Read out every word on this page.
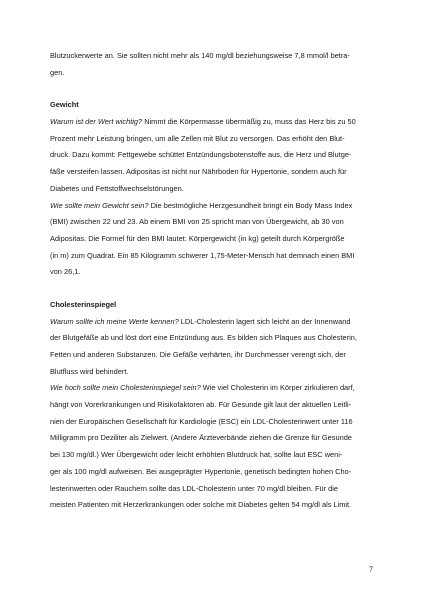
Blutzuckerwerte an. Sie sollten nicht mehr als 140 mg/dl beziehungsweise 7,8 mmol/l betra-
gen.
Gewicht
Warum ist der Wert wichtig? Nimmt die Körpermasse übermäßig zu, muss das Herz bis zu 50
Prozent mehr Leistung bringen, um alle Zellen mit Blut zu versorgen. Das erhöht den Blut-
druck. Dazu kommt: Fettgewebe schüttet Entzündungsbotenstoffe aus, die Herz und Blutge-
fäße versteifen lassen. Adipositas ist nicht nur Nährboden für Hypertonie, sondern auch für
Diabetes und Fettstoffwechselstörungen.
Wie sollte mein Gewicht sein? Die bestmögliche Herzgesundheit bringt ein Body Mass Index
(BMI) zwischen 22 und 23. Ab einem BMI von 25 spricht man von Übergewicht, ab 30 von
Adipositas. Die Formel für den BMI lautet: Körpergewicht (in kg) geteilt durch Körpergröße
(in m) zum Quadrat. Ein 85 Kilogramm schwerer 1,75-Meter-Mensch hat demnach einen BMI
von 26,1.
Cholesterinspiegel
Warum sollte ich meine Werte kennen? LDL-Cholesterin lagert sich leicht an der Innenwand
der Blutgefäße ab und löst dort eine Entzündung aus. Es bilden sich Plaques aus Cholesterin,
Fetten und anderen Substanzen. Die Gefäße verhärten, ihr Durchmesser verengt sich, der
Blutfluss wird behindert.
Wie hoch sollte mein Cholesterinspiegel sein? Wie viel Cholesterin im Körper zirkulieren darf,
hängt von Vorerkrankungen und Risikofaktoren ab. Für Gesunde gilt laut der aktuellen Leitli-
nien der Europäischen Gesellschaft für Kardiologie (ESC) ein LDL-Cholesterinwert unter 116
Milligramm pro Deziliter als Zielwert. (Andere Ärzteverbände ziehen die Grenze für Gesunde
bei 130 mg/dl.) Wer Übergewicht oder leicht erhöhten Blutdruck hat, sollte laut ESC weni-
ger als 100 mg/dl aufweisen. Bei ausgeprägter Hypertonie, genetisch bedingten hohen Cho-
lesterinwerten oder Rauchern sollte das LDL-Cholesterin unter 70 mg/dl bleiben. Für die
meisten Patienten mit Herzerkrankungen oder solche mit Diabetes gelten 54 mg/dl als Limit.
7
